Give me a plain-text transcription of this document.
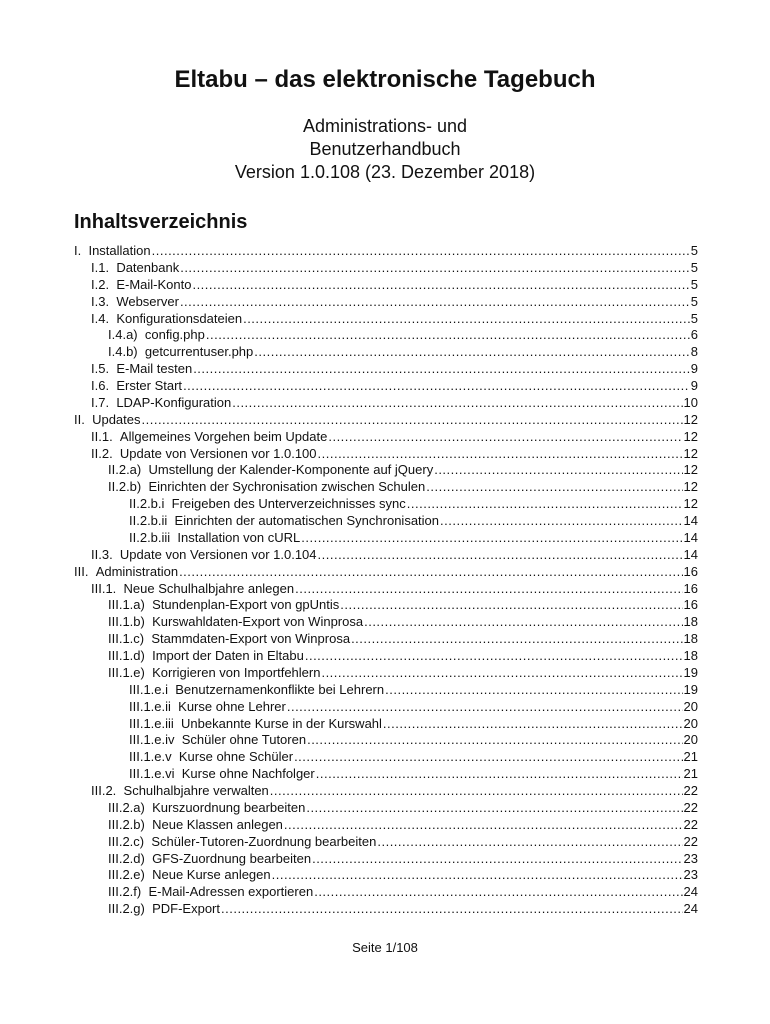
Eltabu – das elektronische Tagebuch

Administrations- und

Benutzerhandbuch

Version 1.0.108 (23. Dezember 2018)

Inhaltsverzeichnis
I. Installation .....	5
I.1. Datenbank .....	5
I.2. E-Mail-Konto .....	5
I.3. Webserver .....	5
I.4. Konfigurationsdateien .....	5
I.4.a) config.php .....	6
I.4.b) getcurrentuser.php .....	8
I.5. E-Mail testen .....	9
I.6. Erster Start .....	9
I.7. LDAP-Konfiguration .....	10
II. Updates .....	12
II.1. Allgemeines Vorgehen beim Update .....	12
II.2. Update von Versionen vor 1.0.100 .....	12
II.2.a) Umstellung der Kalender-Komponente auf jQuery .....	12
II.2.b) Einrichten der Sychronisation zwischen Schulen .....	12
II.2.b.i Freigeben des Unterverzeichnisses sync .....	12
II.2.b.ii Einrichten der automatischen Synchronisation .....	14
II.2.b.iii Installation von cURL .....	14
II.3. Update von Versionen vor 1.0.104 .....	14
III. Administration .....	16
III.1. Neue Schulhalbjahre anlegen .....	16
III.1.a) Stundenplan-Export von gpUntis .....	16
III.1.b) Kurswahldaten-Export von Winprosa .....	18
III.1.c) Stammdaten-Export von Winprosa .....	18
III.1.d) Import der Daten in Eltabu .....	18
III.1.e) Korrigieren von Importfehlern .....	19
III.1.e.i Benutzernamenkonflikte bei Lehrern .....	19
III.1.e.ii Kurse ohne Lehrer .....	20
III.1.e.iii Unbekannte Kurse in der Kurswahl .....	20
III.1.e.iv Schüler ohne Tutoren .....	20
III.1.e.v Kurse ohne Schüler .....	21
III.1.e.vi Kurse ohne Nachfolger .....	21
III.2. Schulhalbjahre verwalten .....	22
III.2.a) Kurszuordnung bearbeiten .....	22
III.2.b) Neue Klassen anlegen .....	22
III.2.c) Schüler-Tutoren-Zuordnung bearbeiten .....	22
III.2.d) GFS-Zuordnung bearbeiten .....	23
III.2.e) Neue Kurse anlegen .....	23
III.2.f) E-Mail-Adressen exportieren .....	24
III.2.g) PDF-Export .....	24

Seite 1/108
